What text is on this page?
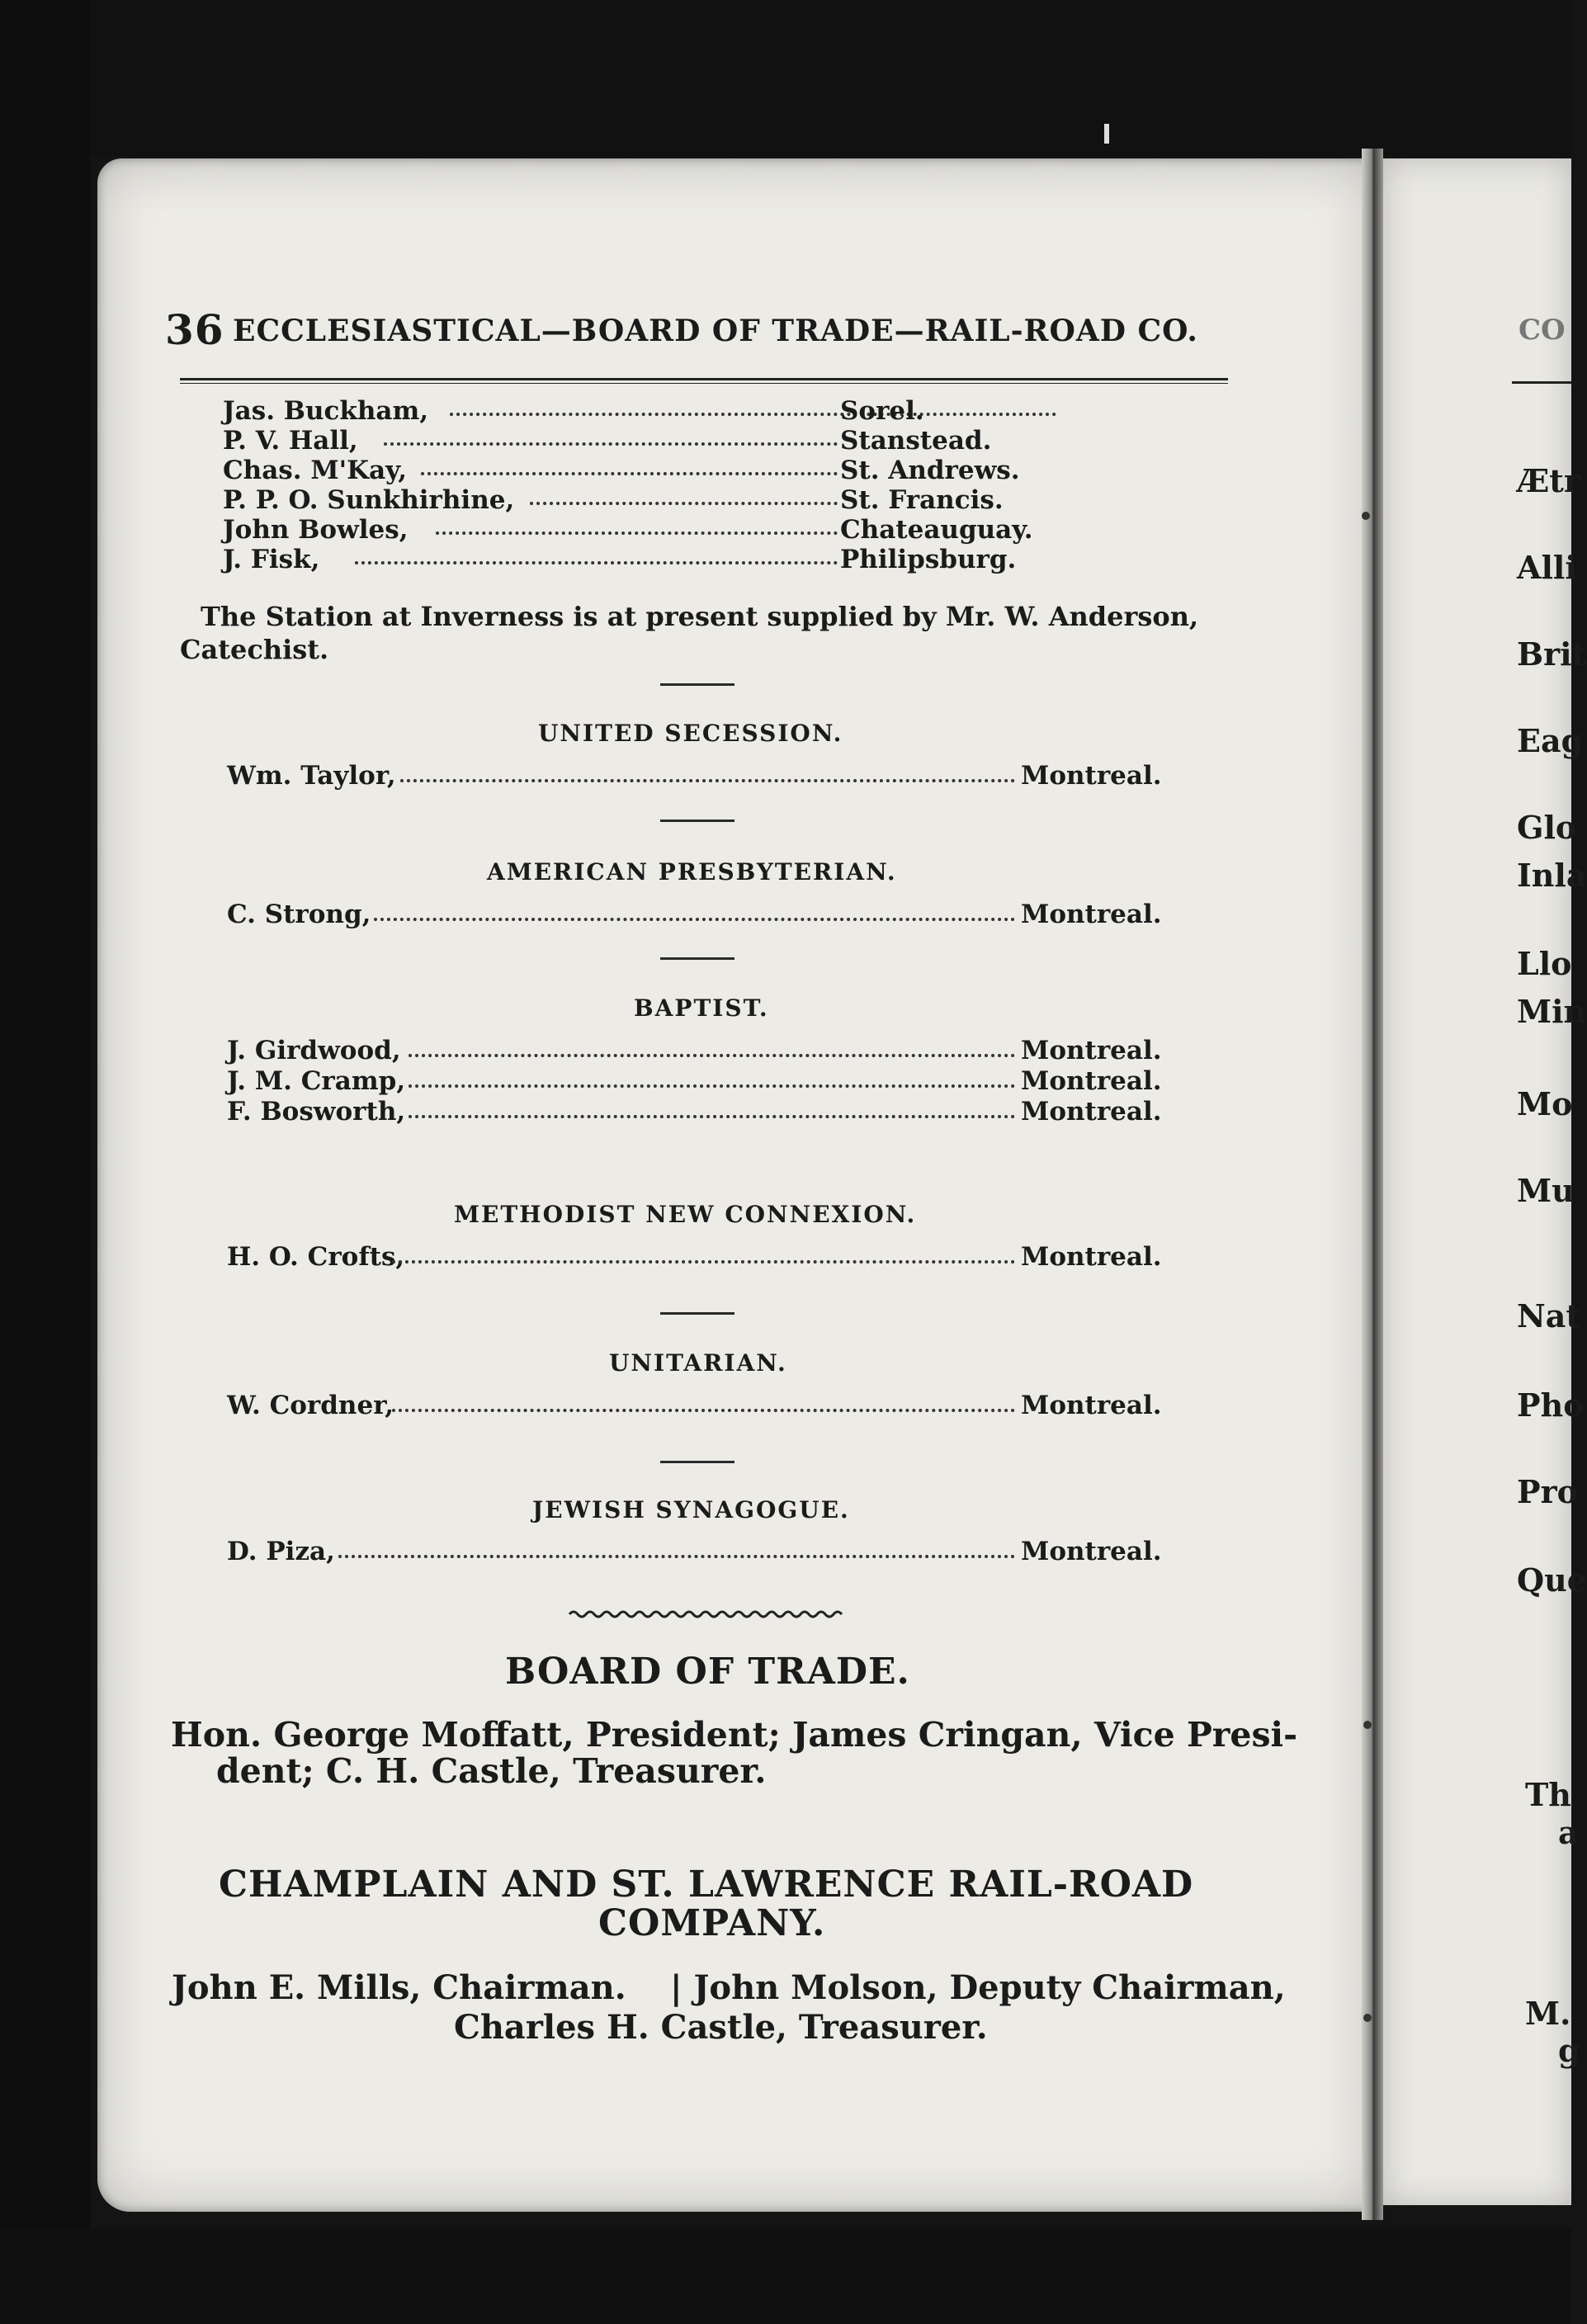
36 ECCLESIASTICAL—BOARD OF TRADE—RAIL-ROAD CO.
Jas. Buckham,	Sorel.
P. V. Hall,	Stanstead.
Chas. M'Kay,	St. Andrews.
P. P. O. Sunkhirhine,	St. Francis.
John Bowles,	Chateauguay.
J. Fisk,	Philipsburg.
The Station at Inverness is at present supplied by Mr. W. Anderson,
Catechist.
UNITED SECESSION.
Wm. Taylor,	Montreal.
AMERICAN PRESBYTERIAN.
C. Strong,	Montreal.
BAPTIST.
J. Girdwood,	Montreal.
J. M. Cramp,	Montreal.
F. Bosworth,	Montreal.
METHODIST NEW CONNEXION.
H. O. Crofts,	Montreal.
UNITARIAN.
W. Cordner,	Montreal.
JEWISH SYNAGOGUE.
D. Piza,	Montreal.
BOARD OF TRADE.
Hon. George Moffatt, President; James Cringan, Vice Presi-
dent; C. H. Castle, Treasurer.
CHAMPLAIN AND ST. LAWRENCE RAIL-ROAD
COMPANY.
John E. Mills, Chairman. | John Molson, Deputy Chairman,
Charles H. Castle, Treasurer.
CO
Ætr
Alli
Brit
Eag
Glo
Inla
Llo
Min
Mo
Mu
Nat
Pho
Pro
Que
Th
a
M.
g
